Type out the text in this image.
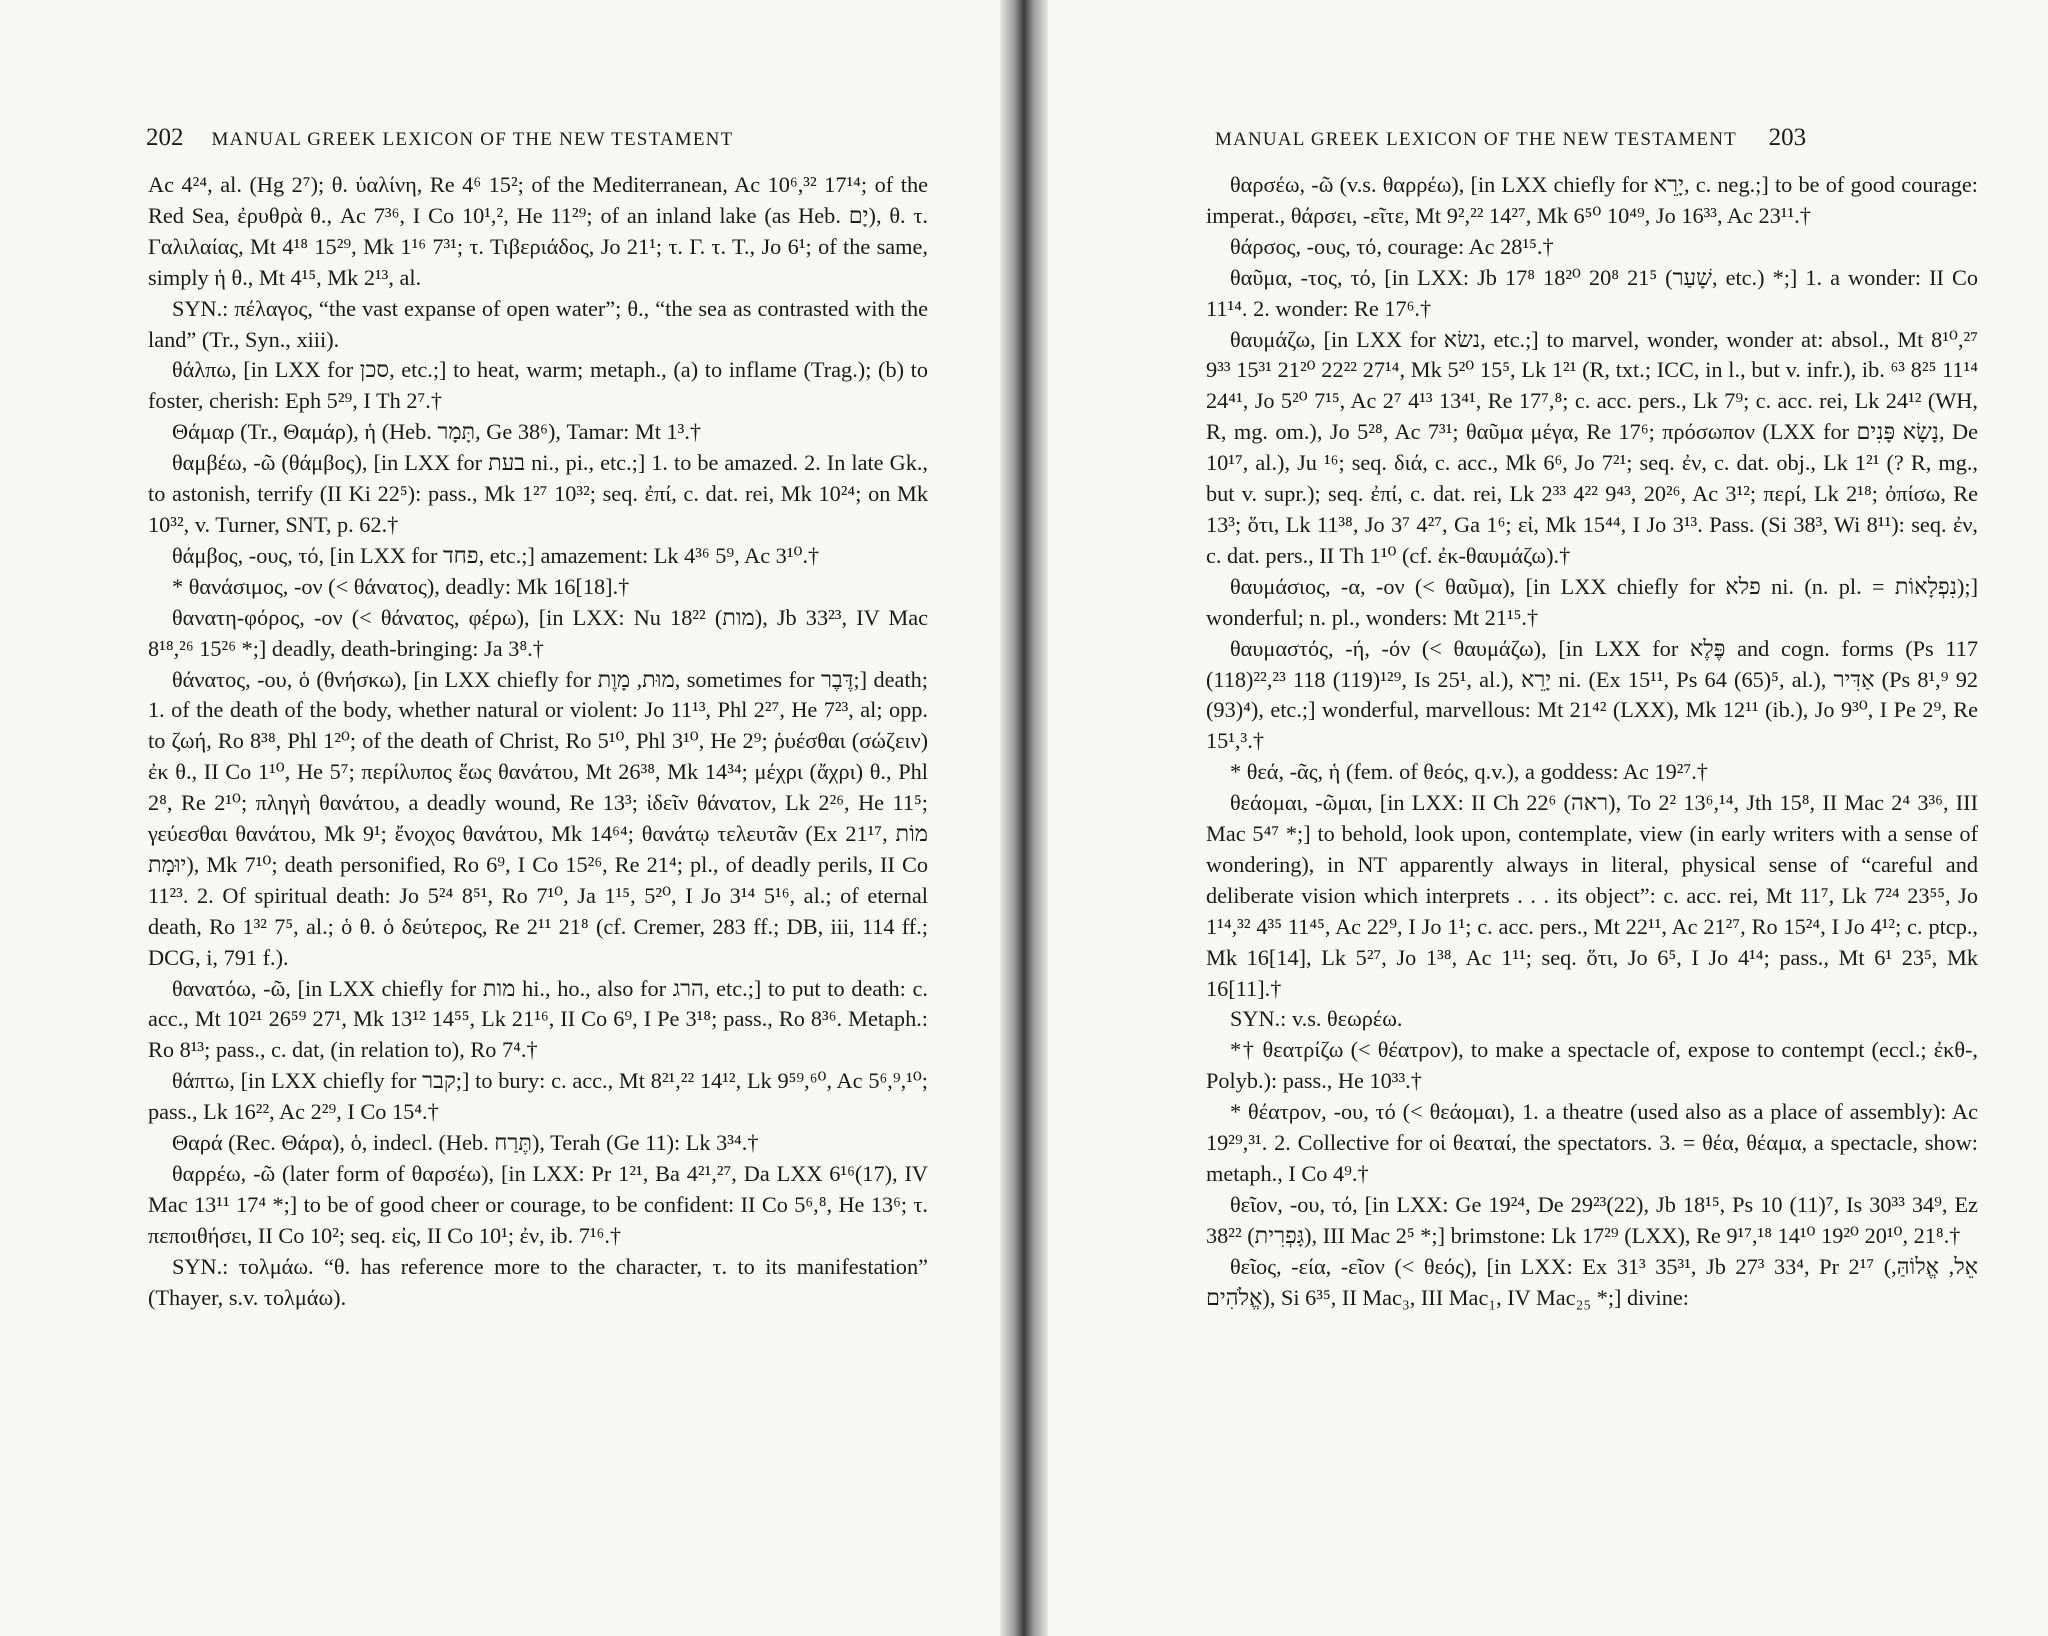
202 MANUAL GREEK LEXICON OF THE NEW TESTAMENT

Ac 4²⁴, al. (Hg 2⁷); θ. ὑαλίνη, Re 4⁶ 15²; of the Mediterranean, Ac 10⁶,³² 17¹⁴; of the Red Sea, ἐρυθρὰ θ., Ac 7³⁶, I Co 10¹,², He 11²⁹; of an inland lake (as Heb. יָם), θ. τ. Γαλιλαίας, Mt 4¹⁸ 15²⁹, Mk 1¹⁶ 7³¹; τ. Τιβεριάδος, Jo 21¹; τ. Γ. τ. Τ., Jo 6¹; of the same, simply ἡ θ., Mt 4¹⁵, Mk 2¹³, al.

SYN.: πέλαγος, “the vast expanse of open water”; θ., “the sea as contrasted with the land” (Tr., Syn., xiii).

θάλπω, [in LXX for סכן, etc.;] to heat, warm; metaph., (a) to inflame (Trag.); (b) to foster, cherish: Eph 5²⁹, I Th 2⁷.†

Θάμαρ (Tr., Θαμάρ), ἡ (Heb. תָּמָר, Ge 38⁶), Tamar: Mt 1³.†

θαμβέω, -ῶ (θάμβος), [in LXX for בעת ni., pi., etc.;] 1. to be amazed. 2. In late Gk., to astonish, terrify (II Ki 22⁵): pass., Mk 1²⁷ 10³²; seq. ἐπί, c. dat. rei, Mk 10²⁴; on Mk 10³², v. Turner, SNT, p. 62.†

θάμβος, -ους, τό, [in LXX for פחד, etc.;] amazement: Lk 4³⁶ 5⁹, Ac 3¹⁰.†

* θανάσιμος, -ον (< θάνατος), deadly: Mk 16[18].†

θανατη-φόρος, -ον (< θάνατος, φέρω), [in LXX: Nu 18²² (מות), Jb 33²³, IV Mac 8¹⁸,²⁶ 15²⁶ *;] deadly, death-bringing: Ja 3⁸.†

θάνατος, -ου, ὁ (θνήσκω), [in LXX chiefly for מוּת, מָוֶת, sometimes for דֶּבֶר;] death; 1. of the death of the body, whether natural or violent: Jo 11¹³, Phl 2²⁷, He 7²³, al; opp. to ζωή, Ro 8³⁸, Phl 1²⁰; of the death of Christ, Ro 5¹⁰, Phl 3¹⁰, He 2⁹; ῥυέσθαι (σώζειν) ἐκ θ., II Co 1¹⁰, He 5⁷; περίλυπος ἕως θανάτου, Mt 26³⁸, Mk 14³⁴; μέχρι (ἄχρι) θ., Phl 2⁸, Re 2¹⁰; πληγὴ θανάτου, a deadly wound, Re 13³; ἰδεῖν θάνατον, Lk 2²⁶, He 11⁵; γεύεσθαι θανάτου, Mk 9¹; ἔνοχος θανάτου, Mk 14⁶⁴; θανάτῳ τελευτᾶν (Ex 21¹⁷, מוֹת יוּמָת), Mk 7¹⁰; death personified, Ro 6⁹, I Co 15²⁶, Re 21⁴; pl., of deadly perils, II Co 11²³. 2. Of spiritual death: Jo 5²⁴ 8⁵¹, Ro 7¹⁰, Ja 1¹⁵, 5²⁰, I Jo 3¹⁴ 5¹⁶, al.; of eternal death, Ro 1³² 7⁵, al.; ὁ θ. ὁ δεύτερος, Re 2¹¹ 21⁸ (cf. Cremer, 283 ff.; DB, iii, 114 ff.; DCG, i, 791 f.).

θανατόω, -ῶ, [in LXX chiefly for מות hi., ho., also for הרג, etc.;] to put to death: c. acc., Mt 10²¹ 26⁵⁹ 27¹, Mk 13¹² 14⁵⁵, Lk 21¹⁶, II Co 6⁹, I Pe 3¹⁸; pass., Ro 8³⁶. Metaph.: Ro 8¹³; pass., c. dat, (in relation to), Ro 7⁴.†

θάπτω, [in LXX chiefly for קבר;] to bury: c. acc., Mt 8²¹,²² 14¹², Lk 9⁵⁹,⁶⁰, Ac 5⁶,⁹,¹⁰; pass., Lk 16²², Ac 2²⁹, I Co 15⁴.†

Θαρά (Rec. Θάρα), ὁ, indecl. (Heb. תֶּרַח), Terah (Ge 11): Lk 3³⁴.†

θαρρέω, -ῶ (later form of θαρσέω), [in LXX: Pr 1²¹, Ba 4²¹,²⁷, Da LXX 6¹⁶(17), IV Mac 13¹¹ 17⁴ *;] to be of good cheer or courage, to be confident: II Co 5⁶,⁸, He 13⁶; τ. πεποιθήσει, II Co 10²; seq. εἰς, II Co 10¹; ἐν, ib. 7¹⁶.†

SYN.: τολμάω. “θ. has reference more to the character, τ. to its manifestation” (Thayer, s.v. τολμάω).

MANUAL GREEK LEXICON OF THE NEW TESTAMENT 203

θαρσέω, -ῶ (v.s. θαρρέω), [in LXX chiefly for יָרֵא, c. neg.;] to be of good courage: imperat., θάρσει, -εῖτε, Mt 9²,²² 14²⁷, Mk 6⁵⁰ 10⁴⁹, Jo 16³³, Ac 23¹¹.†

θάρσος, -ους, τό, courage: Ac 28¹⁵.†

θαῦμα, -τος, τό, [in LXX: Jb 17⁸ 18²⁰ 20⁸ 21⁵ (שָׁעַר, etc.) *;] 1. a wonder: II Co 11¹⁴. 2. wonder: Re 17⁶.†

θαυμάζω, [in LXX for נשׂא, etc.;] to marvel, wonder, wonder at: absol., Mt 8¹⁰,²⁷ 9³³ 15³¹ 21²⁰ 22²² 27¹⁴, Mk 5²⁰ 15⁵, Lk 1²¹ (R, txt.; ICC, in l., but v. infr.), ib. ⁶³ 8²⁵ 11¹⁴ 24⁴¹, Jo 5²⁰ 7¹⁵, Ac 2⁷ 4¹³ 13⁴¹, Re 17⁷,⁸; c. acc. pers., Lk 7⁹; c. acc. rei, Lk 24¹² (WH, R, mg. om.), Jo 5²⁸, Ac 7³¹; θαῦμα μέγα, Re 17⁶; πρόσωπον (LXX for נָשָׂא פָּנִים, De 10¹⁷, al.), Ju ¹⁶; seq. διά, c. acc., Mk 6⁶, Jo 7²¹; seq. ἐν, c. dat. obj., Lk 1²¹ (? R, mg., but v. supr.); seq. ἐπί, c. dat. rei, Lk 2³³ 4²² 9⁴³, 20²⁶, Ac 3¹²; περί, Lk 2¹⁸; ὀπίσω, Re 13³; ὅτι, Lk 11³⁸, Jo 3⁷ 4²⁷, Ga 1⁶; εἰ, Mk 15⁴⁴, I Jo 3¹³. Pass. (Si 38³, Wi 8¹¹): seq. ἐν, c. dat. pers., II Th 1¹⁰ (cf. ἐκ-θαυμάζω).†

θαυμάσιος, -α, -ον (< θαῦμα), [in LXX chiefly for פלא ni. (n. pl. = נִפְלָאוֹת);] wonderful; n. pl., wonders: Mt 21¹⁵.†

θαυμαστός, -ή, -όν (< θαυμάζω), [in LXX for פֶּלֶא and cogn. forms (Ps 117 (118)²²,²³ 118 (119)¹²⁹, Is 25¹, al.), יָרֵא ni. (Ex 15¹¹, Ps 64 (65)⁵, al.), אַדִּיר (Ps 8¹,⁹ 92 (93)⁴), etc.;] wonderful, marvellous: Mt 21⁴² (LXX), Mk 12¹¹ (ib.), Jo 9³⁰, I Pe 2⁹, Re 15¹,³.†

* θεά, -ᾶς, ἡ (fem. of θεός, q.v.), a goddess: Ac 19²⁷.†

θεάομαι, -ῶμαι, [in LXX: II Ch 22⁶ (ראה), To 2² 13⁶,¹⁴, Jth 15⁸, II Mac 2⁴ 3³⁶, III Mac 5⁴⁷ *;] to behold, look upon, contemplate, view (in early writers with a sense of wondering), in NT apparently always in literal, physical sense of “careful and deliberate vision which interprets . . . its object”: c. acc. rei, Mt 11⁷, Lk 7²⁴ 23⁵⁵, Jo 1¹⁴,³² 4³⁵ 11⁴⁵, Ac 22⁹, I Jo 1¹; c. acc. pers., Mt 22¹¹, Ac 21²⁷, Ro 15²⁴, I Jo 4¹²; c. ptcp., Mk 16[14], Lk 5²⁷, Jo 1³⁸, Ac 1¹¹; seq. ὅτι, Jo 6⁵, I Jo 4¹⁴; pass., Mt 6¹ 23⁵, Mk 16[11].†

SYN.: v.s. θεωρέω.

*† θεατρίζω (< θέατρον), to make a spectacle of, expose to contempt (eccl.; ἐκθ-, Polyb.): pass., He 10³³.†

* θέατρον, -ου, τό (< θεάομαι), 1. a theatre (used also as a place of assembly): Ac 19²⁹,³¹. 2. Collective for οἱ θεαταί, the spectators. 3. = θέα, θέαμα, a spectacle, show: metaph., I Co 4⁹.†

θεῖον, -ου, τό, [in LXX: Ge 19²⁴, De 29²³(22), Jb 18¹⁵, Ps 10 (11)⁷, Is 30³³ 34⁹, Ez 38²² (גָּפְרִית), III Mac 2⁵ *;] brimstone: Lk 17²⁹ (LXX), Re 9¹⁷,¹⁸ 14¹⁰ 19²⁰ 20¹⁰, 21⁸.†

θεῖος, -εία, -εῖον (< θεός), [in LXX: Ex 31³ 35³¹, Jb 27³ 33⁴, Pr 2¹⁷ (אֵל, אֱלוֹהַּ, אֱלֹהִים), Si 6³⁵, II Mac₃, III Mac₁, IV Mac₂₅ *;] divine:
